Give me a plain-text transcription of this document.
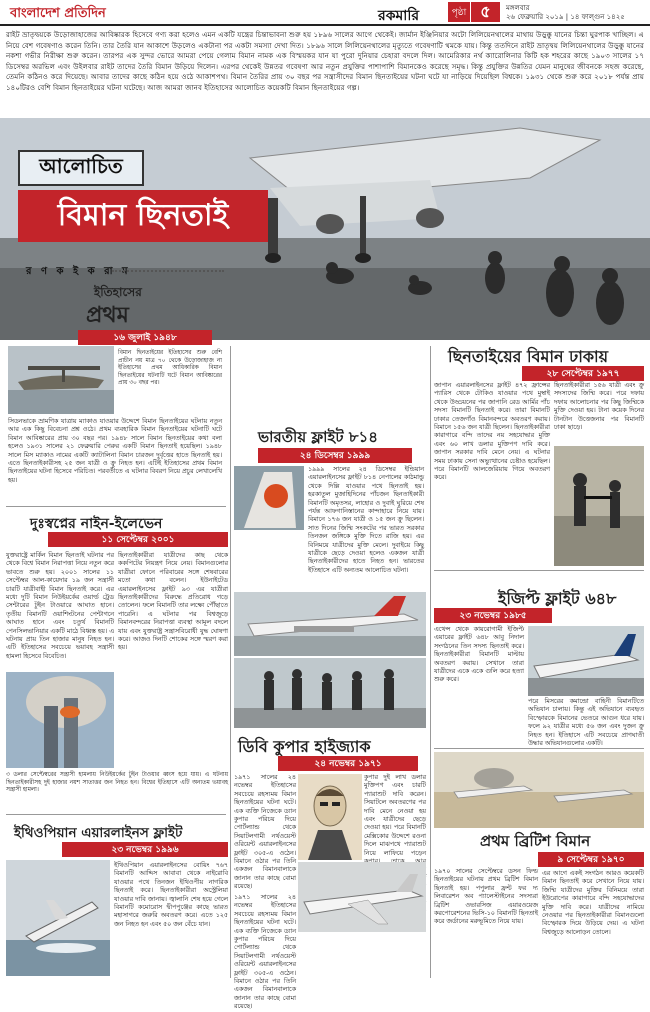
বাংলাদেশ প্রতিদিন	রকমারি	পৃষ্ঠা ৫	মঙ্গলবার
২৬ ফেব্রুয়ারি ২০১৯ | ১৪ ফাল্গুন ১৪২৫
রাইট ভ্রাতৃদ্বয়কে উড়োজাহাজের আবিষ্কারক হিসেবে গণ্য করা হলেও এমন একটি যন্ত্রের চিন্তাভাবনা শুরু হয় ১৮৯৬ সালের আগে থেকেই। জার্মান ইঞ্জিনিয়ার অটো লিলিয়েনথালের মাথায় উড়ুক্কু যানের চিন্তা ঘুরপাক খাচ্ছিল। এ নিয়ে বেশ গবেষণাও করেন তিনি। তার তৈরি যান আকাশে উড়লেও একটানা পর একটা সমস্যা দেখা দিত। ১৮৯৬ সালে লিলিয়েনথালের মৃত্যুতে গবেষণাটি থমকে যায়। কিন্তু ততদিনে রাইট ভ্রাতৃদ্বয় লিলিয়েনথালের উড়ুক্কু যানের নকশা গভীর নিরীক্ষা শুরু করেন। তারপর এক সুন্দর ভোরে আমরা পেয়ে গেলাম বিমান নামক এক বিস্ময়কর যান যা পুরো দুনিয়ার চেহারা বদলে দিল। আমেরিকার নর্থ ক্যারোলিনার কিটি হক শহরের কাছে ১৯০৩ সালের ১৭ ডিসেম্বর অরভিল এবং উইলবার রাইট তাদের তৈরি বিমান উড়িয়ে দিলেন। এরপর থেকেই উন্নতর গবেষণা আর নতুন প্রযুক্তির পাশাপাশি বিমানকেও করেছে সমৃদ্ধ। কিন্তু প্রযুক্তির উন্নতির যেমন মানুষের জীবনকে সহজ করেছে, তেমনি কঠিনও করে দিয়েছে। আবার তাদের কাছে কঠিন হয়ে ওঠে আকাশপথ। বিমান তৈরির প্রায় ৩০ বছর পর সন্ত্রাসীদের বিমান ছিনতাইয়ের ঘটনা ঘটে যা নাড়িয়ে দিয়েছিল বিশ্বকে। ১৯৩১ থেকে শুরু করে ২০১৮ পর্যন্ত প্রায় ১৪০টিরও বেশি বিমান ছিনতাইয়ের ঘটনা ঘটেছে। আজ আমরা জানব ইতিহাসের আলোচিত কয়েকটি বিমান ছিনতাইয়ের গল্প।
আলোচিত
বিমান ছিনতাই
র ণ ক ই ক রা ম
ইতিহাসের
প্রথম
১৬ জুলাই ১৯৪৮
বিমান ছিনতাইয়ের ইতিহাসের শুরু বেশি প্রাচীন নয় মাত্র ৭০ থেকে উড়োজাহাজ না ইতিহাসের প্রথম আধিকারিক বিমান ছিনতাইয়ের ঘটনাটি ঘটে বিমান আবিষ্কারের প্রায় ৩০ বছর পর।
সিডনভাকে ভ্রামণিক যাত্রায় ম্যাকাও যাওয়ার উদ্দেশে বিমান ছিনতাইয়ের ঘটনায় নতুন আর এক কিছু বিবেচনা প্রশ্ন ওঠে। প্রথম ব্যবহারিক বিমান ছিনতাইয়ের ঘটনাটি ঘটে বিমান আবিষ্কারের প্রায় ৩০ বছর পর। ১৯৪৮ সালে বিমান ছিনতাইয়ের কথা বলা হলেও ১৯৩১ সালের ২১ ফেব্রুয়ারি পেরুর একটি বিমান ছিনতাই হয়েছিল। ১৯৪৮ সালে মিস ম্যাকাও নামের একটি ক্যাটালিনা বিমান চারজন দুর্বৃত্তের হাতে ছিনতাই হয়। এতে ছিনতাইকারীসহ ২৫ জন যাত্রী ও ক্রু নিহত হন। এটিই ইতিহাসের প্রথম বিমান ছিনতাইয়ের ঘটনা হিসেবে পরিচিত। পরবর্তীতে এ ঘটনার বিবরণ নিয়ে প্রচুর লেখালেখি হয়।
দুঃস্বপ্নের নাইন-ইলেভেন
১১ সেপ্টেম্বর ২০০১
যুক্তরাষ্ট্রে মার্কিন বিমান ছিনতাই ঘটনার পর থেকে বিশ্বে বিমান নিরাপত্তা নিয়ে নতুন করে ভাবতে শুরু হয়। ২০০১ সালের ১১ সেপ্টেম্বর আল-কায়েদার ১৯ জন সন্ত্রাসী চারটি যাত্রীবাহী বিমান ছিনতাই করে। এর মধ্যে দুটি বিমান নিউইয়র্কের ওয়ার্ল্ড ট্রেড সেন্টারের টুইন টাওয়ারে আঘাত হানে। তৃতীয় বিমানটি ওয়াশিংটনের পেন্টাগনে আঘাত হানে এবং চতুর্থ বিমানটি পেনসিলভানিয়ার একটি মাঠে বিধ্বস্ত হয়। এ ঘটনায় প্রায় তিন হাজার মানুষ নিহত হন। এটি ইতিহাসের সবচেয়ে ভয়াবহ সন্ত্রাসী হামলা হিসেবে বিবেচিত।
ছিনতাইকারীরা যাত্রীদের কাছ থেকে ককপিটের নিয়ন্ত্রণ নিয়ে নেয়। বিমানগুলোর যাত্রীরা ফোনে পরিবারের সঙ্গে শেষবারের মতো কথা বলেন। ইউনাইটেড এয়ারলাইনসের ফ্লাইট ৯৩ এর যাত্রীরা ছিনতাইকারীদের বিরুদ্ধে প্রতিরোধ গড়ে তোলেন। ফলে বিমানটি তার লক্ষ্যে পৌঁছাতে পারেনি। এ ঘটনার পর বিশ্বজুড়ে বিমানবন্দরের নিরাপত্তা ব্যবস্থা আমূল বদলে যায় এবং যুক্তরাষ্ট্র সন্ত্রাসবিরোধী যুদ্ধ ঘোষণা করে। আজও দিনটি শোকের সঙ্গে স্মরণ করা হয়।
৩ ডলার সেপ্টেম্বরের সন্ত্রাসী হামলায় নিউইয়র্কের টুইন টাওয়ার ধ্বংস হয়ে যায়। এ ঘটনায় ছিনতাইকারীসহ দুই হাজার নয়শ সাতাত্তর জন নিহত হন। বিশ্বের ইতিহাসে এটি অন্যতম ভয়াবহ সন্ত্রাসী হামলা।
ইথিওপিয়ান এয়ারলাইনস ফ্লাইট
২৩ নভেম্বর ১৯৯৬
ইথিওপিয়ান এয়ারলাইনসের বোয়িং ৭৬৭ বিমানটি আদ্দিস আবাবা থেকে নাইরোবি যাওয়ার পথে তিনজন ইথিওপীয় নাগরিক ছিনতাই করে। ছিনতাইকারীরা অস্ট্রেলিয়া যাওয়ার দাবি জানায়। জ্বালানি শেষ হয়ে গেলে বিমানটি কমোরোস দ্বীপপুঞ্জের কাছে ভারত মহাসাগরে জরুরি অবতরণ করে। এতে ১২৫ জন নিহত হন এবং ৫০ জন বেঁচে যান।
ভারতীয় ফ্লাইট ৮১৪
২৪ ডিসেম্বর ১৯৯৯
১৯৯৯ সালের ২৪ ডিসেম্বর ইন্ডিয়ান এয়ারলাইনসের ফ্লাইট ৮১৪ নেপালের কাঠমান্ডু থেকে দিল্লি যাওয়ার পথে ছিনতাই হয়। হরকাতুল মুজাহিদিনের পাঁচজন ছিনতাইকারী বিমানটি অমৃতসর, লাহোর ও দুবাই ঘুরিয়ে শেষ পর্যন্ত আফগানিস্তানের কান্দাহারে নিয়ে যায়। বিমানে ১৭৬ জন যাত্রী ও ১৫ জন ক্রু ছিলেন। সাত দিনের জিম্মি সংকটের পর ভারত সরকার তিনজন জঙ্গিকে মুক্তি দিতে রাজি হয়। এর বিনিময়ে যাত্রীদের মুক্তি মেলে। দুবাইয়ে কিছু যাত্রীকে ছেড়ে দেওয়া হলেও একজন যাত্রী ছিনতাইকারীদের হাতে নিহত হন। ভারতের ইতিহাসে এটি অন্যতম আলোচিত ঘটনা।
ডিবি কুপার হাইজ্যাক
২৪ নভেম্বর ১৯৭১
১৯৭১ সালের ২৪ নভেম্বর ইতিহাসের সবচেয়ে রহস্যময় বিমান ছিনতাইয়ের ঘটনা ঘটে। এক ব্যক্তি নিজেকে ড্যান কুপার পরিচয় দিয়ে পোর্টল্যান্ড থেকে সিয়াটলগামী নর্থওয়েস্ট ওরিয়েন্ট এয়ারলাইনসের ফ্লাইট ৩০৫-এ ওঠেন। বিমানে ওঠার পর তিনি একজন বিমানবালাকে জানান তার কাছে বোমা রয়েছে।
কুপার দুই লাখ ডলার মুক্তিপণ এবং চারটি প্যারাশুট দাবি করেন। সিয়াটলে অবতরণের পর দাবি মেনে নেওয়া হয় এবং যাত্রীদের ছেড়ে দেওয়া হয়। পরে বিমানটি মেক্সিকোর উদ্দেশে রওনা দিলে মাঝপথে প্যারাশুট নিয়ে লাফিয়ে পড়েন
১৯৭১ সালের ২৪ নভেম্বর ইতিহাসের সবচেয়ে রহস্যময় বিমান ছিনতাইয়ের ঘটনা ঘটে। এক ব্যক্তি নিজেকে ড্যান কুপার পরিচয় দিয়ে পোর্টল্যান্ড থেকে সিয়াটলগামী নর্থওয়েস্ট ওরিয়েন্ট এয়ারলাইনসের ফ্লাইট ৩০৫-এ ওঠেন। বিমানে ওঠার পর তিনি একজন বিমানবালাকে জানান তার কাছে বোমা রয়েছে।
ছিনতাইয়ের বিমান ঢাকায়
২৮ সেপ্টেম্বর ১৯৭৭
জাপান এয়ারলাইনসের ফ্লাইট ৪৭২ ফ্রান্সের প্যারিস থেকে টোকিও যাওয়ার পথে মুম্বাই থেকে উড্ডয়নের পর জাপানি রেড আর্মির পাঁচ সদস্য বিমানটি ছিনতাই করে। তারা বিমানটি ঢাকার তেজগাঁও বিমানবন্দরে অবতরণ করায়। বিমানে ১৫৬ জন যাত্রী ছিলেন। ছিনতাইকারীরা কারাগারে বন্দি তাদের নয় সহযোদ্ধার মুক্তি এবং ৬০ লাখ ডলার মুক্তিপণ দাবি করে। জাপান সরকার দাবি মেনে নেয়। এ ঘটনার সময় ঢাকায় সেনা অভ্যুত্থানের চেষ্টাও হয়েছিল। পরে বিমানটি আলজেরিয়ায় গিয়ে অবতরণ করে।
ছিনতাইকারীরা ১৫৬ যাত্রী এবং ক্রু সদস্যদের জিম্মি করে। পরে দফায় দফায় আলোচনার পর কিছু জিম্মিকে মুক্তি দেওয়া হয়। টানা কয়েক দিনের টানটান উত্তেজনার পর বিমানটি ঢাকা ছাড়ে।
ইজিপ্ট ফ্লাইট ৬৪৮
২৩ নভেম্বর ১৯৮৫
এথেন্স থেকে কায়রোগামী ইজিপ্ট এয়ারের ফ্লাইট ৬৪৮ আবু নিদাল সংগঠনের তিন সদস্য ছিনতাই করে। ছিনতাইকারীরা বিমানটি মাল্টায় অবতরণ করায়। সেখানে তারা যাত্রীদের একে একে গুলি করে হত্যা শুরু করে।
পরে মিসরের কমান্ডো বাহিনী বিমানটিতে অভিযান চালায়। কিন্তু এই অভিযানে ব্যবহৃত বিস্ফোরকে বিমানের ভেতরে আগুন ধরে যায়। ফলে ৯২ যাত্রীর মধ্যে ৫৬ জন এবং দুজন ক্রু নিহত হন। ইতিহাসে এটি সবচেয়ে প্রাণঘাতী উদ্ধার অভিযানগুলোর একটি।
প্রথম ব্রিটিশ বিমান
৯ সেপ্টেম্বর ১৯৭০
১৯৭০ সালের সেপ্টেম্বরে ডসন ফিল্ড ছিনতাইয়ের ঘটনায় প্রথম ব্রিটিশ বিমান ছিনতাই হয়। পপুলার ফ্রন্ট ফর দ্য লিবারেশন অব প্যালেস্টাইনের সদস্যরা ব্রিটিশ ওভারসিজ এয়ারওয়েজ করপোরেশনের ভিসি-১০ বিমানটি ছিনতাই করে জর্ডানের মরুভূমিতে নিয়ে যায়।
এর আগে একই সংগঠন আরও কয়েকটি বিমান ছিনতাই করে সেখানে নিয়ে যায়। জিম্মি যাত্রীদের মুক্তির বিনিময়ে তারা ইউরোপের কারাগারে বন্দি সহযোদ্ধাদের মুক্তি দাবি করে। যাত্রীদের নামিয়ে নেওয়ার পর ছিনতাইকারীরা বিমানগুলো বিস্ফোরক দিয়ে উড়িয়ে দেয়। এ ঘটনা বিশ্বজুড়ে আলোড়ন তোলে।
